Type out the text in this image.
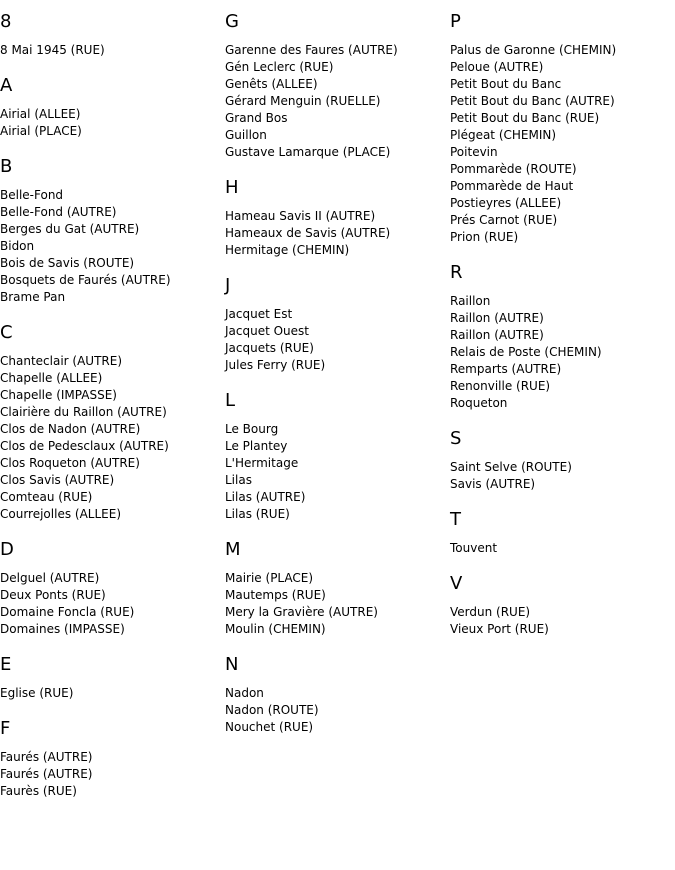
8
8 Mai 1945 (RUE)
A
Airial (ALLEE)
Airial (PLACE)
B
Belle-Fond
Belle-Fond (AUTRE)
Berges du Gat (AUTRE)
Bidon
Bois de Savis (ROUTE)
Bosquets de Faurés (AUTRE)
Brame Pan
C
Chanteclair (AUTRE)
Chapelle (ALLEE)
Chapelle (IMPASSE)
Clairière du Raillon (AUTRE)
Clos de Nadon (AUTRE)
Clos de Pedesclaux (AUTRE)
Clos Roqueton (AUTRE)
Clos Savis (AUTRE)
Comteau (RUE)
Courrejolles (ALLEE)
D
Delguel (AUTRE)
Deux Ponts (RUE)
Domaine Foncla (RUE)
Domaines (IMPASSE)
E
Eglise (RUE)
F
Faurés (AUTRE)
Faurés (AUTRE)
Faurès (RUE)
G
Garenne des Faures (AUTRE)
Gén Leclerc (RUE)
Genêts (ALLEE)
Gérard Menguin (RUELLE)
Grand Bos
Guillon
Gustave Lamarque (PLACE)
H
Hameau Savis II (AUTRE)
Hameaux de Savis (AUTRE)
Hermitage (CHEMIN)
J
Jacquet Est
Jacquet Ouest
Jacquets (RUE)
Jules Ferry (RUE)
L
Le Bourg
Le Plantey
L'Hermitage
Lilas
Lilas (AUTRE)
Lilas (RUE)
M
Mairie (PLACE)
Mautemps (RUE)
Mery la Gravière (AUTRE)
Moulin (CHEMIN)
N
Nadon
Nadon (ROUTE)
Nouchet (RUE)
P
Palus de Garonne (CHEMIN)
Peloue (AUTRE)
Petit Bout du Banc
Petit Bout du Banc (AUTRE)
Petit Bout du Banc (RUE)
Plégeat (CHEMIN)
Poitevin
Pommarède (ROUTE)
Pommarède de Haut
Postieyres (ALLEE)
Prés Carnot (RUE)
Prion (RUE)
R
Raillon
Raillon (AUTRE)
Raillon (AUTRE)
Relais de Poste (CHEMIN)
Remparts (AUTRE)
Renonville (RUE)
Roqueton
S
Saint Selve (ROUTE)
Savis (AUTRE)
T
Touvent
V
Verdun (RUE)
Vieux Port (RUE)
